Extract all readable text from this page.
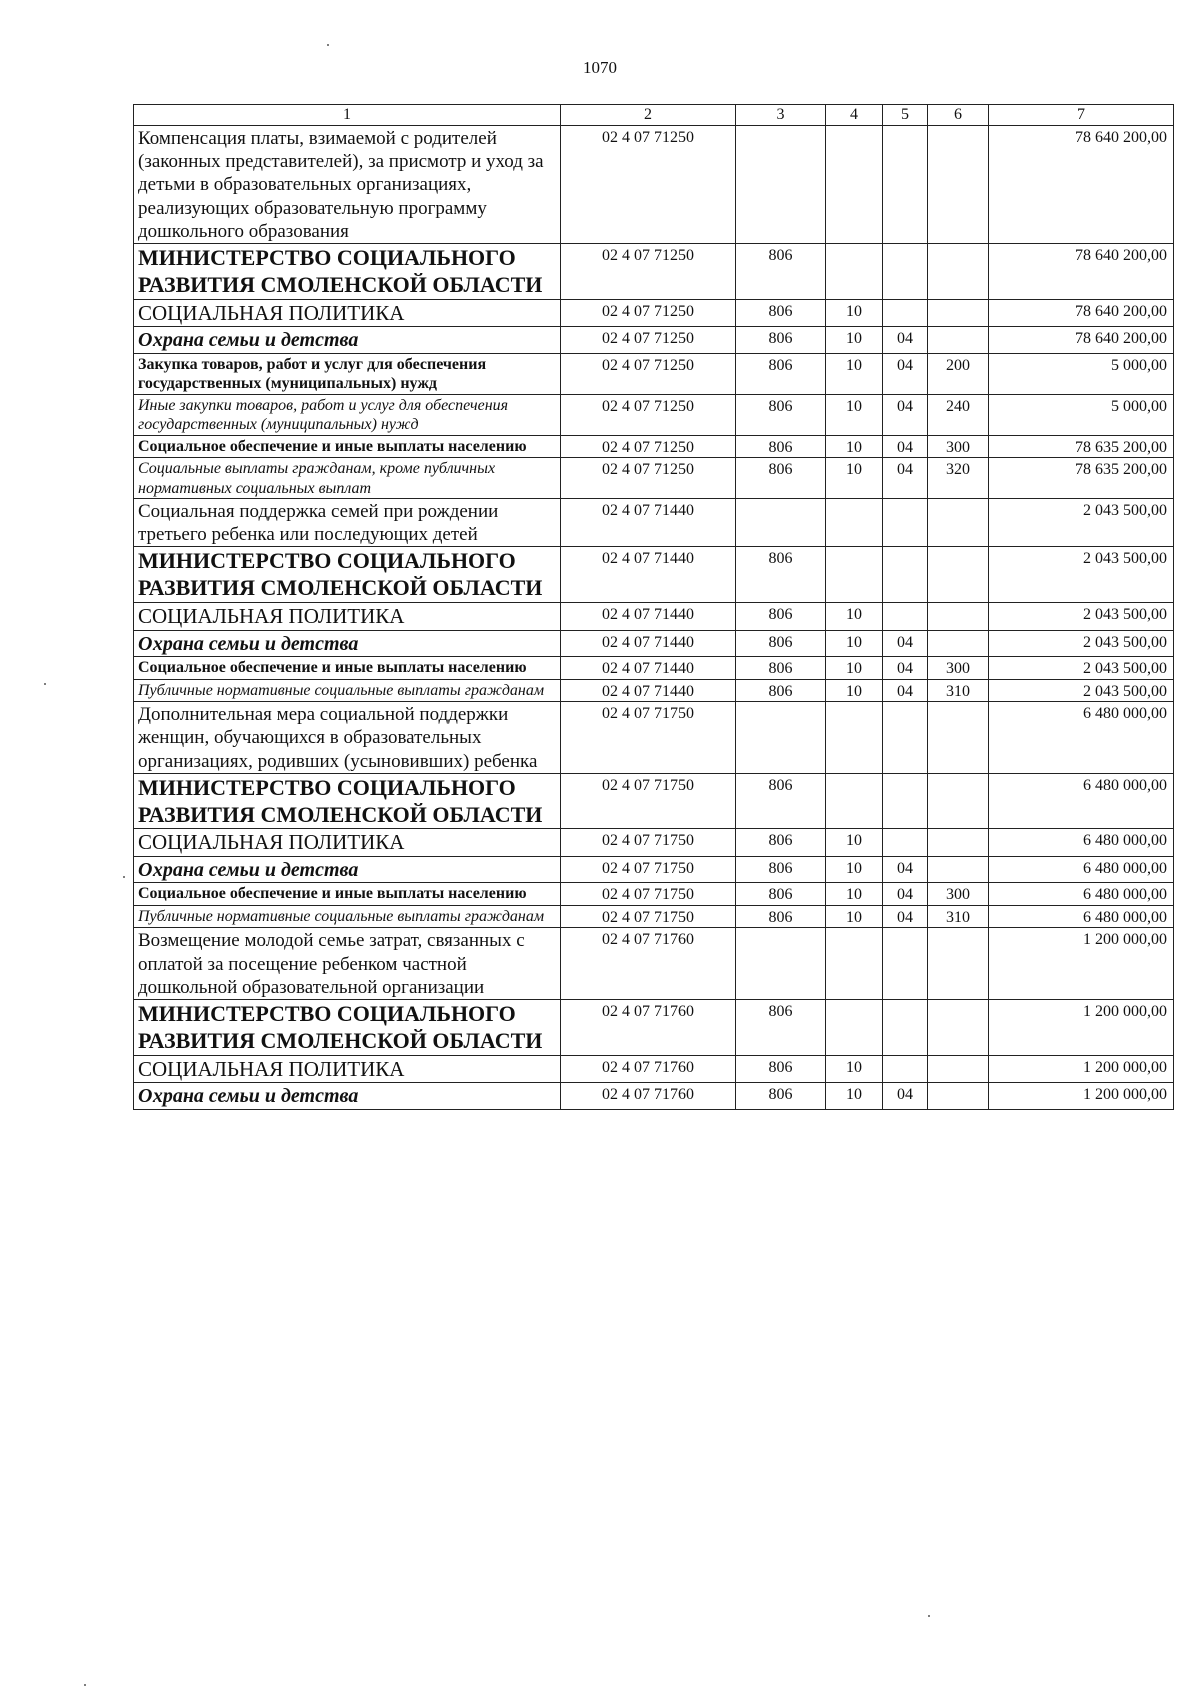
1070
1	2	3	4	5	6	7
Компенсация платы, взимаемой с родителей (законных представителей), за присмотр и уход за детьми в образовательных организациях, реализующих образовательную программу дошкольного образования	02 4 07 71250					78 640 200,00
МИНИСТЕРСТВО СОЦИАЛЬНОГО РАЗВИТИЯ СМОЛЕНСКОЙ ОБЛАСТИ	02 4 07 71250	806				78 640 200,00
СОЦИАЛЬНАЯ ПОЛИТИКА	02 4 07 71250	806	10			78 640 200,00
Охрана семьи и детства	02 4 07 71250	806	10	04		78 640 200,00
Закупка товаров, работ и услуг для обеспечения государственных (муниципальных) нужд	02 4 07 71250	806	10	04	200	5 000,00
Иные закупки товаров, работ и услуг для обеспечения государственных (муниципальных) нужд	02 4 07 71250	806	10	04	240	5 000,00
Социальное обеспечение и иные выплаты населению	02 4 07 71250	806	10	04	300	78 635 200,00
Социальные выплаты гражданам, кроме публичных нормативных социальных выплат	02 4 07 71250	806	10	04	320	78 635 200,00
Социальная поддержка семей при рождении третьего ребенка или последующих детей	02 4 07 71440					2 043 500,00
МИНИСТЕРСТВО СОЦИАЛЬНОГО РАЗВИТИЯ СМОЛЕНСКОЙ ОБЛАСТИ	02 4 07 71440	806				2 043 500,00
СОЦИАЛЬНАЯ ПОЛИТИКА	02 4 07 71440	806	10			2 043 500,00
Охрана семьи и детства	02 4 07 71440	806	10	04		2 043 500,00
Социальное обеспечение и иные выплаты населению	02 4 07 71440	806	10	04	300	2 043 500,00
Публичные нормативные социальные выплаты гражданам	02 4 07 71440	806	10	04	310	2 043 500,00
Дополнительная мера социальной поддержки женщин, обучающихся в образовательных организациях, родивших (усыновивших) ребенка	02 4 07 71750					6 480 000,00
МИНИСТЕРСТВО СОЦИАЛЬНОГО РАЗВИТИЯ СМОЛЕНСКОЙ ОБЛАСТИ	02 4 07 71750	806				6 480 000,00
СОЦИАЛЬНАЯ ПОЛИТИКА	02 4 07 71750	806	10			6 480 000,00
Охрана семьи и детства	02 4 07 71750	806	10	04		6 480 000,00
Социальное обеспечение и иные выплаты населению	02 4 07 71750	806	10	04	300	6 480 000,00
Публичные нормативные социальные выплаты гражданам	02 4 07 71750	806	10	04	310	6 480 000,00
Возмещение молодой семье затрат, связанных с оплатой за посещение ребенком частной дошкольной образовательной организации	02 4 07 71760					1 200 000,00
МИНИСТЕРСТВО СОЦИАЛЬНОГО РАЗВИТИЯ СМОЛЕНСКОЙ ОБЛАСТИ	02 4 07 71760	806				1 200 000,00
СОЦИАЛЬНАЯ ПОЛИТИКА	02 4 07 71760	806	10			1 200 000,00
Охрана семьи и детства	02 4 07 71760	806	10	04		1 200 000,00
